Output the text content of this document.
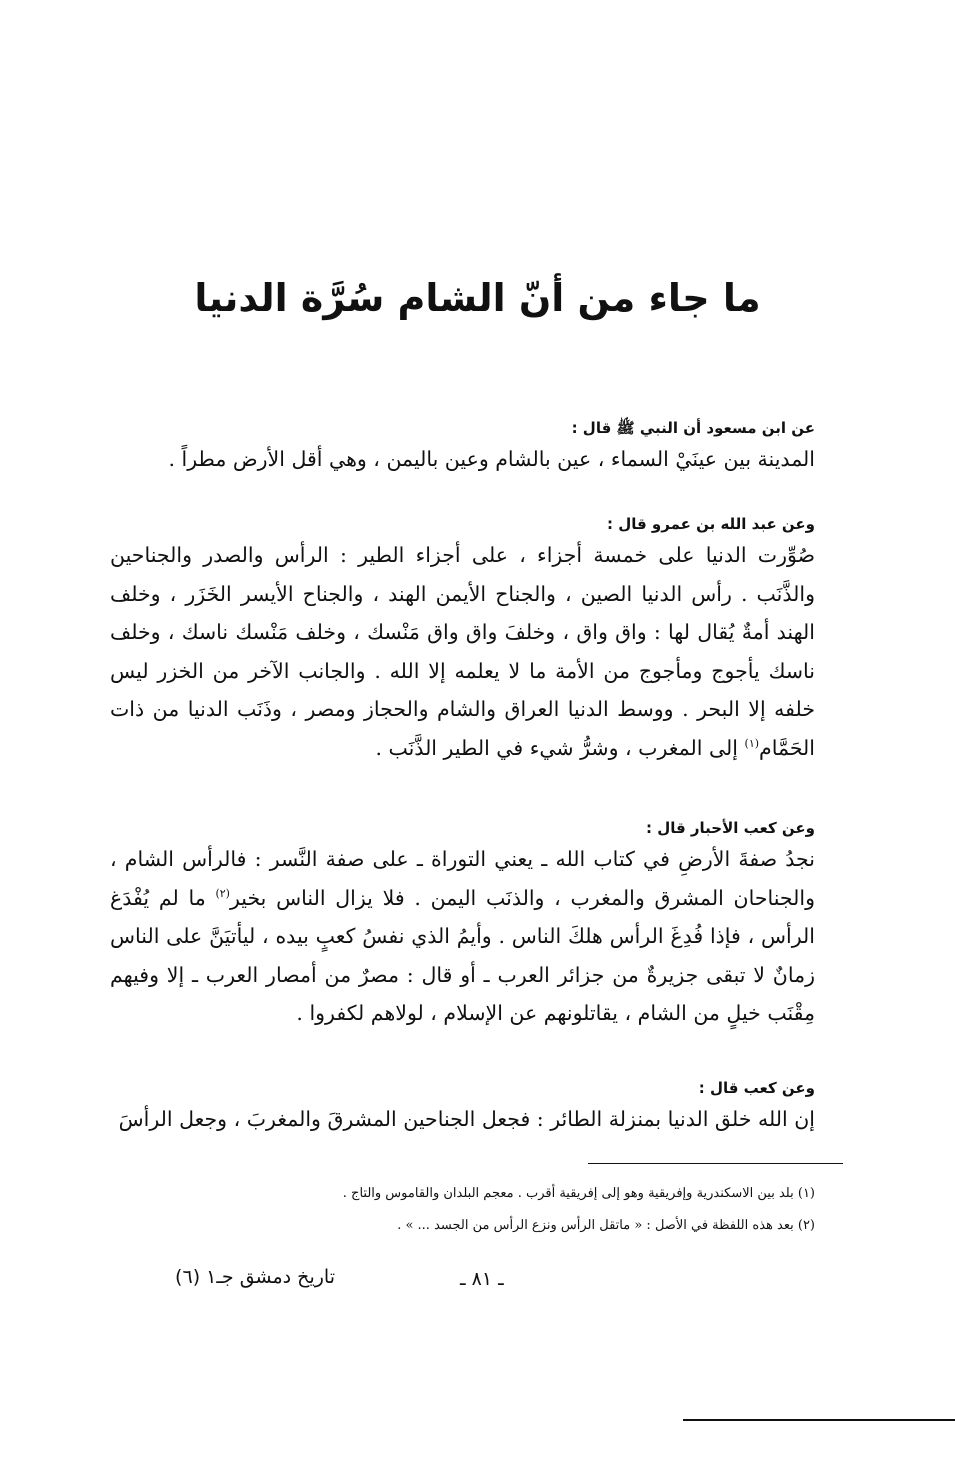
ما جاء من أنّ الشام سُرَّة الدنيا

عن ابن مسعود أن النبي ﷺ قال :

المدينة بين عينَيْ السماء ، عين بالشام وعين باليمن ، وهي أقل الأرض مطراً .

وعن عبد الله بن عمرو قال :

صُوِّرت الدنيا على خمسة أجزاء ، على أجزاء الطير : الرأس والصدر والجناحين والذَّنَب . رأس الدنيا الصين ، والجناح الأيمن الهند ، والجناح الأيسر الخَزَر ، وخلف الهند أمةٌ يُقال لها : واق واق ، وخلفَ واق واق مَنْسك ، وخلف مَنْسك ناسك ، وخلف ناسك يأجوج ومأجوج من الأمة ما لا يعلمه إلا الله . والجانب الآخر من الخزر ليس خلفه إلا البحر . ووسط الدنيا العراق والشام والحجاز ومصر ، وذَنَب الدنيا من ذات الحَمَّام$^{(١)}$ إلى المغرب ، وشرُّ شيء في الطير الذَّنَب .

وعن كعب الأحبار قال :

نجدُ صفةَ الأرضِ في كتاب الله ـ يعني التوراة ـ على صفة النَّسر : فالرأس الشام ، والجناحان المشرق والمغرب ، والذنَب اليمن . فلا يزال الناس بخير$^{(٢)}$ ما لم يُفْدَغ الرأس ، فإذا فُدِغَ الرأس هلكَ الناس . وأيمُ الذي نفسُ كعبٍ بيده ، ليأتيَنَّ على الناس زمانٌ لا تبقى جزيرةٌ من جزائر العرب ـ أو قال : مصرٌ من أمصار العرب ـ إلا وفيهم مِقْنَب خيلٍ من الشام ، يقاتلونهم عن الإسلام ، لولاهم لكفروا .

وعن كعب قال :

إن الله خلق الدنيا بمنزلة الطائر : فجعل الجناحين المشرقَ والمغربَ ، وجعل الرأسَ

(١) بلد بين الاسكندرية وإفريقية وهو إلى إفريقية أقرب . معجم البلدان والقاموس والتاج .

(٢) بعد هذه اللفظة في الأصل : « ماتقل الرأس ونزع الرأس من الجسد ... » .

تاريخ دمشق جـ١ (٦)	ـ ٨١ ـ
